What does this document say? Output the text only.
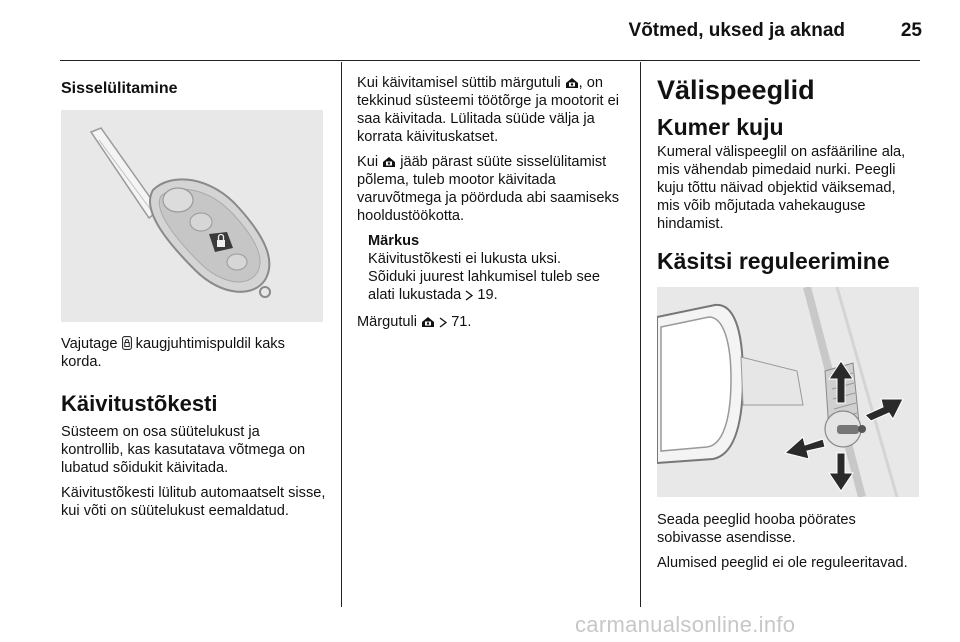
Võtmed, uksed ja aknad	25
Sisselülitamine

Vajutage  kaugjuhtimispuldil kaks korda.

Käivitustõkesti

Süsteem on osa süütelukust ja kontrollib, kas kasutatava võtmega on lubatud sõidukit käivitada.

Käivitustõkesti lülitub automaatselt sisse, kui võti on süütelukust eemaldatud.

Kui käivitamisel süttib märgutuli , on tekkinud süsteemi töötõrge ja mootorit ei saa käivitada. Lülitada süüde välja ja korrata käivituskatset.

Kui  jääb pärast süüte sisselülitamist põlema, tuleb mootor käivitada varuvõtmega ja pöörduda abi saamiseks hooldustöökotta.

Märkus

Käivitustõkesti ei lukusta uksi.

Sõiduki juurest lahkumisel tuleb see alati lukustada  19.

Märgutuli   71.

Välispeeglid
Kumer kuju

Kumeral välispeeglil on asfääriline ala, mis vähendab pimedaid nurki. Peegli kuju tõttu näivad objektid väiksemad, mis võib mõjutada vahekauguse hindamist.

Käsitsi reguleerimine

Seada peeglid hooba pöörates sobivasse asendisse.

Alumised peeglid ei ole reguleeritavad.

carmanualsonline.info
